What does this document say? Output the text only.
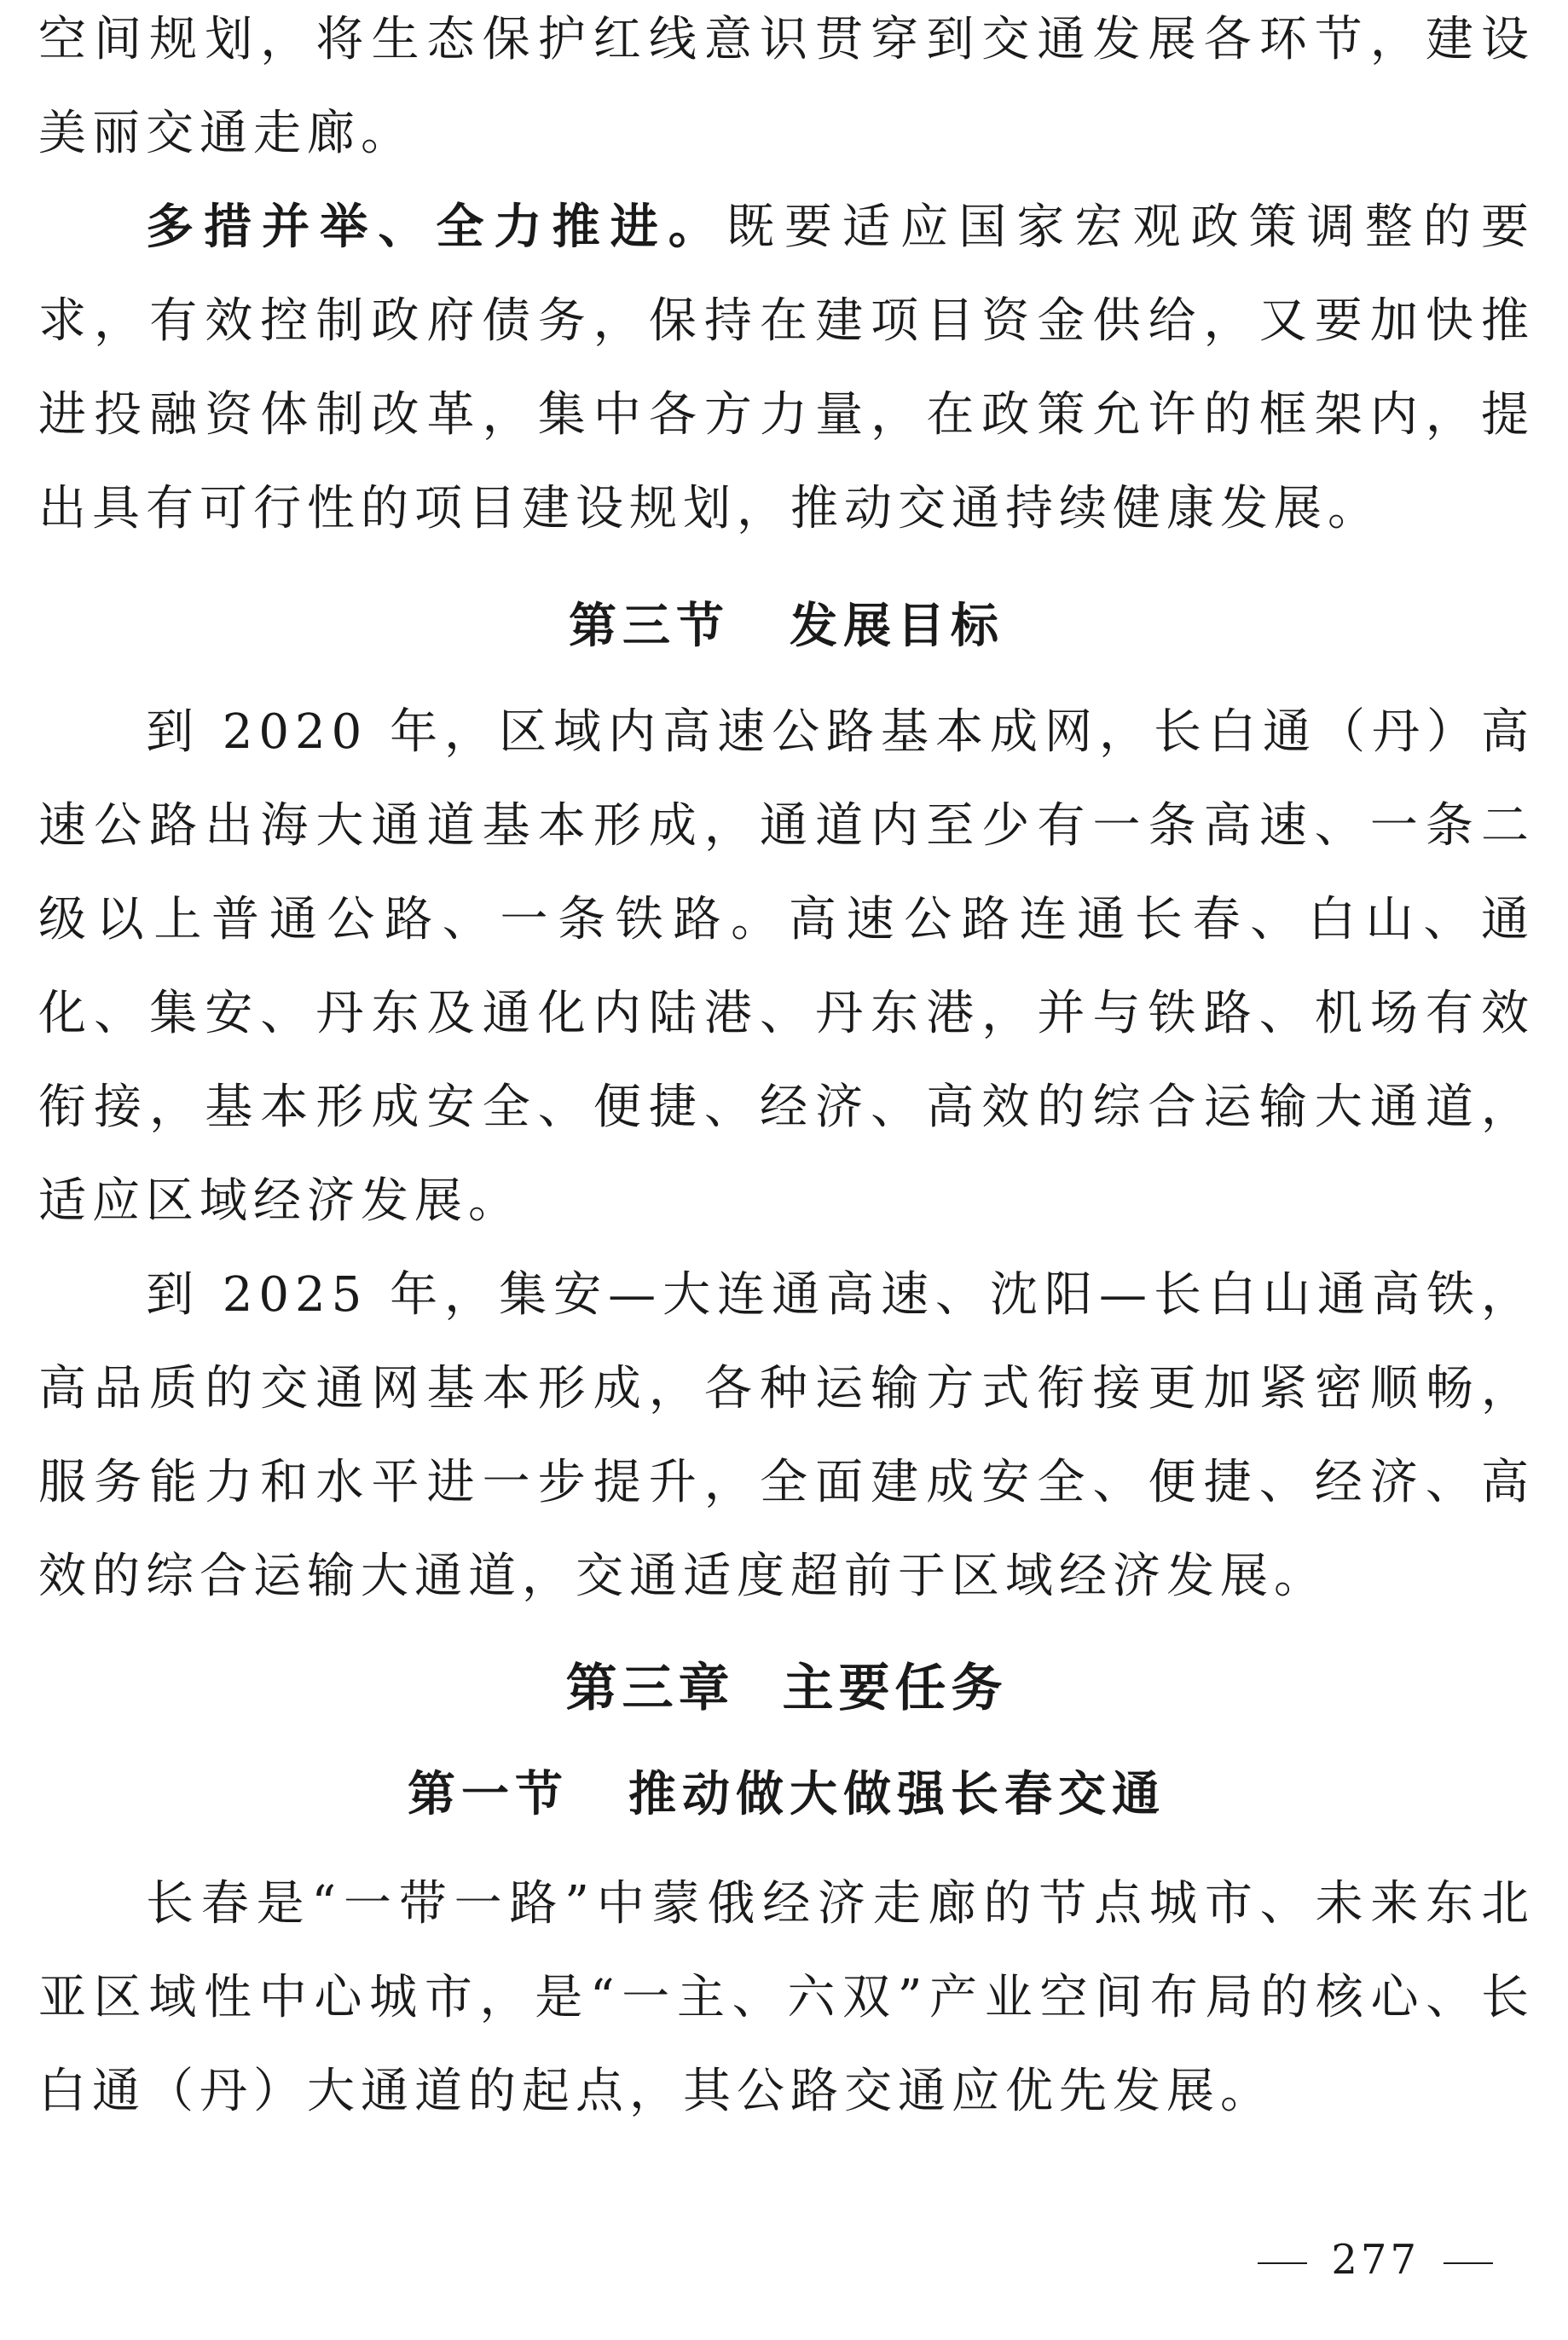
空间规划，将生态保护红线意识贯穿到交通发展各环节，建设美丽交通走廊。

多措并举、全力推进。既要适应国家宏观政策调整的要求，有效控制政府债务，保持在建项目资金供给，又要加快推进投融资体制改革，集中各方力量，在政策允许的框架内，提出具有可行性的项目建设规划，推动交通持续健康发展。

第三节 发展目标

到 2020 年，区域内高速公路基本成网，长白通（丹）高速公路出海大通道基本形成，通道内至少有一条高速、一条二级以上普通公路、一条铁路。高速公路连通长春、白山、通化、集安、丹东及通化内陆港、丹东港，并与铁路、机场有效衔接，基本形成安全、便捷、经济、高效的综合运输大通道，适应区域经济发展。

到 2025 年，集安—大连通高速、沈阳—长白山通高铁，高品质的交通网基本形成，各种运输方式衔接更加紧密顺畅，服务能力和水平进一步提升，全面建成安全、便捷、经济、高效的综合运输大通道，交通适度超前于区域经济发展。

第三章 主要任务
第一节 推动做大做强长春交通

长春是“一带一路”中蒙俄经济走廊的节点城市、未来东北亚区域性中心城市，是“一主、六双”产业空间布局的核心、长白通（丹）大通道的起点，其公路交通应优先发展。

277
